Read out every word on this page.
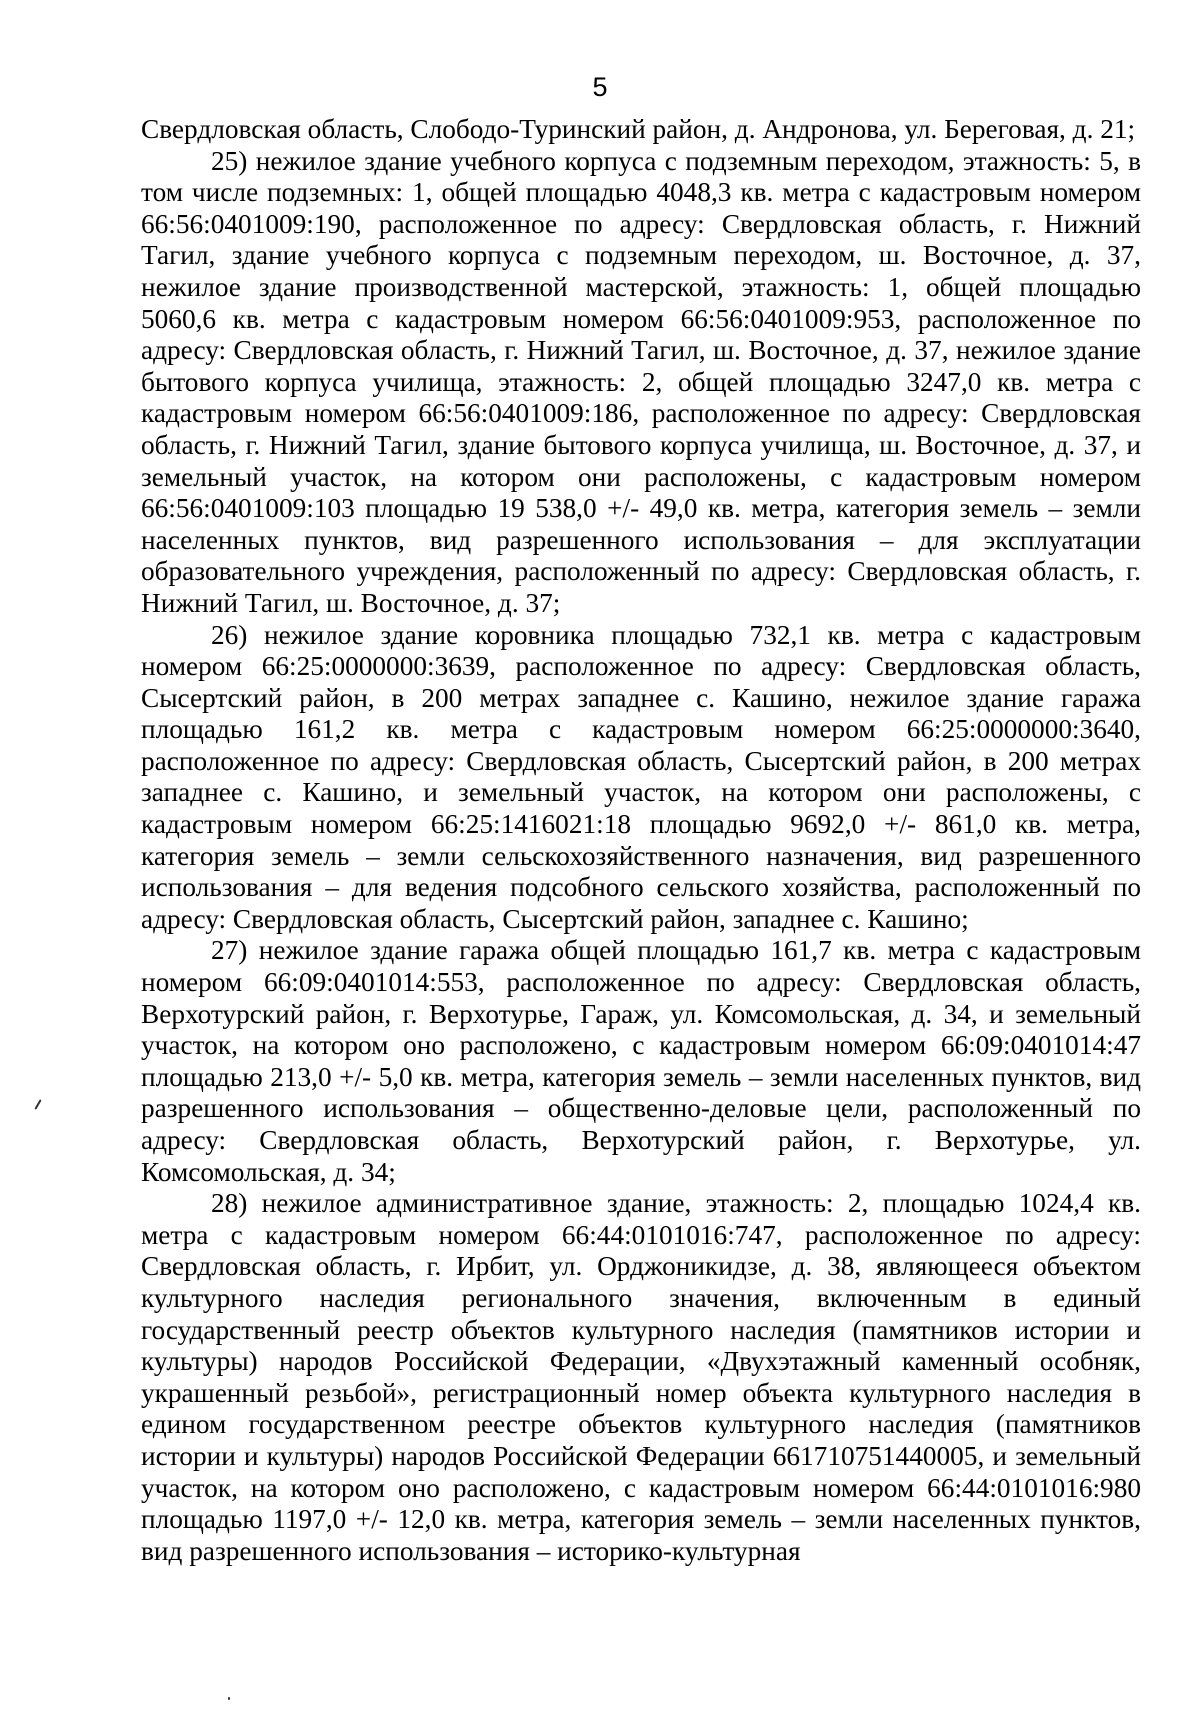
5

Свердловская область, Слободо-Туринский район, д. Андронова, ул. Береговая, д. 21;

25) нежилое здание учебного корпуса с подземным переходом, этажность: 5, в том числе подземных: 1, общей площадью 4048,3 кв. метра с кадастровым номером 66:56:0401009:190, расположенное по адресу: Свердловская область, г. Нижний Тагил, здание учебного корпуса с подземным переходом, ш. Восточное, д. 37, нежилое здание производственной мастерской, этажность: 1, общей площадью 5060,6 кв. метра с кадастровым номером 66:56:0401009:953, расположенное по адресу: Свердловская область, г. Нижний Тагил, ш. Восточное, д. 37, нежилое здание бытового корпуса училища, этажность: 2, общей площадью 3247,0 кв. метра с кадастровым номером 66:56:0401009:186, расположенное по адресу: Свердловская область, г. Нижний Тагил, здание бытового корпуса училища, ш. Восточное, д. 37, и земельный участок, на котором они расположены, с кадастровым номером 66:56:0401009:103 площадью 19 538,0 +/- 49,0 кв. метра, категория земель – земли населенных пунктов, вид разрешенного использования – для эксплуатации образовательного учреждения, расположенный по адресу: Свердловская область, г. Нижний Тагил, ш. Восточное, д. 37;

26) нежилое здание коровника площадью 732,1 кв. метра с кадастровым номером 66:25:0000000:3639, расположенное по адресу: Свердловская область, Сысертский район, в 200 метрах западнее с. Кашино, нежилое здание гаража площадью 161,2 кв. метра с кадастровым номером 66:25:0000000:3640, расположенное по адресу: Свердловская область, Сысертский район, в 200 метрах западнее с. Кашино, и земельный участок, на котором они расположены, с кадастровым номером 66:25:1416021:18 площадью 9692,0 +/- 861,0 кв. метра, категория земель – земли сельскохозяйственного назначения, вид разрешенного использования – для ведения подсобного сельского хозяйства, расположенный по адресу: Свердловская область, Сысертский район, западнее с. Кашино;

27) нежилое здание гаража общей площадью 161,7 кв. метра с кадастровым номером 66:09:0401014:553, расположенное по адресу: Свердловская область, Верхотурский район, г. Верхотурье, Гараж, ул. Комсомольская, д. 34, и земельный участок, на котором оно расположено, с кадастровым номером 66:09:0401014:47 площадью 213,0 +/- 5,0 кв. метра, категория земель – земли населенных пунктов, вид разрешенного использования – общественно-деловые цели, расположенный по адресу: Свердловская область, Верхотурский район, г. Верхотурье, ул. Комсомольская, д. 34;

28) нежилое административное здание, этажность: 2, площадью 1024,4 кв. метра с кадастровым номером 66:44:0101016:747, расположенное по адресу: Свердловская область, г. Ирбит, ул. Орджоникидзе, д. 38, являющееся объектом культурного наследия регионального значения, включенным в единый государственный реестр объектов культурного наследия (памятников истории и культуры) народов Российской Федерации, «Двухэтажный каменный особняк, украшенный резьбой», регистрационный номер объекта культурного наследия в едином государственном реестре объектов культурного наследия (памятников истории и культуры) народов Российской Федерации 661710751440005, и земельный участок, на котором оно расположено, с кадастровым номером 66:44:0101016:980 площадью 1197,0 +/- 12,0 кв. метра, категория земель – земли населенных пунктов, вид разрешенного использования – историко-культурная
